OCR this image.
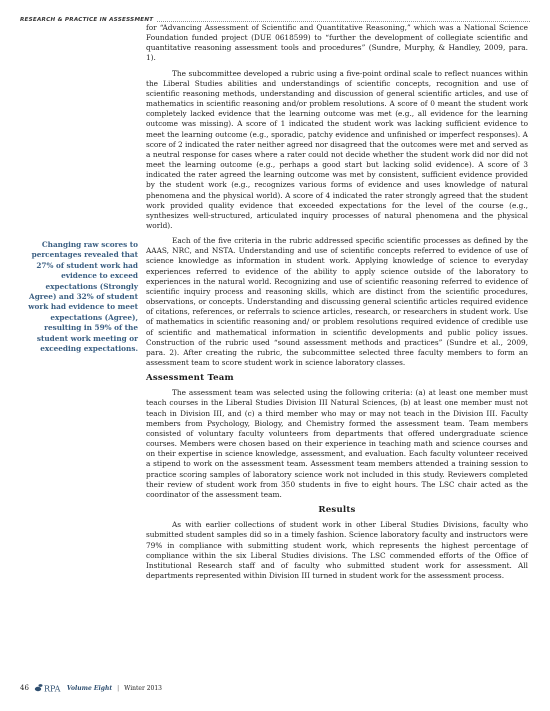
RESEARCH & PRACTICE IN ASSESSMENT
Changing raw scores to percentages revealed that 27% of student work had evidence to exceed expectations (Strongly Agree) and 32% of student work had evidence to meet expectations (Agree), resulting in 59% of the student work meeting or exceeding expectations.

for “Advancing Assessment of Scientific and Quantitative Reasoning,” which was a National Science Foundation funded project (DUE 0618599) to “further the development of collegiate scientific and quantitative reasoning assessment tools and procedures” (Sundre, Murphy, & Handley, 2009, para. 1).

The subcommittee developed a rubric using a five-point ordinal scale to reflect nuances within the Liberal Studies abilities and understandings of scientific concepts, recognition and use of scientific reasoning methods, understanding and discussion of general scientific articles, and use of mathematics in scientific reasoning and/or problem resolutions. A score of 0 meant the student work completely lacked evidence that the learning outcome was met (e.g., all evidence for the learning outcome was missing). A score of 1 indicated the student work was lacking sufficient evidence to meet the learning outcome (e.g., sporadic, patchy evidence and unfinished or imperfect responses). A score of 2 indicated the rater neither agreed nor disagreed that the outcomes were met and served as a neutral response for cases where a rater could not decide whether the student work did nor did not meet the learning outcome (e.g., perhaps a good start but lacking solid evidence). A score of 3 indicated the rater agreed the learning outcome was met by consistent, sufficient evidence provided by the student work (e.g., recognizes various forms of evidence and uses knowledge of natural phenomena and the physical world). A score of 4 indicated the rater strongly agreed that the student work provided quality evidence that exceeded expectations for the level of the course (e.g., synthesizes well-structured, articulated inquiry processes of natural phenomena and the physical world).

Each of the five criteria in the rubric addressed specific scientific processes as defined by the AAAS, NRC, and NSTA. Understanding and use of scientific concepts referred to evidence of use of science knowledge as information in student work. Applying knowledge of science to everyday experiences referred to evidence of the ability to apply science outside of the laboratory to experiences in the natural world. Recognizing and use of scientific reasoning referred to evidence of scientific inquiry process and reasoning skills, which are distinct from the scientific procedures, observations, or concepts. Understanding and discussing general scientific articles required evidence of citations, references, or referrals to science articles, research, or researchers in student work. Use of mathematics in scientific reasoning and/ or problem resolutions required evidence of credible use of scientific and mathematical information in scientific developments and public policy issues. Construction of the rubric used “sound assessment methods and practices” (Sundre et al., 2009, para. 2). After creating the rubric, the subcommittee selected three faculty members to form an assessment team to score student work in science laboratory classes.

Assessment Team

The assessment team was selected using the following criteria: (a) at least one member must teach courses in the Liberal Studies Division III Natural Sciences, (b) at least one member must not teach in Division III, and (c) a third member who may or may not teach in the Division III. Faculty members from Psychology, Biology, and Chemistry formed the assessment team. Team members consisted of voluntary faculty volunteers from departments that offered undergraduate science courses. Members were chosen based on their experience in teaching math and science courses and on their expertise in science knowledge, assessment, and evaluation. Each faculty volunteer received a stipend to work on the assessment team. Assessment team members attended a training session to practice scoring samples of laboratory science work not included in this study. Reviewers completed their review of student work from 350 students in five to eight hours. The LSC chair acted as the coordinator of the assessment team.

Results

As with earlier collections of student work in other Liberal Studies Divisions, faculty who submitted student samples did so in a timely fashion. Science laboratory faculty and instructors were 79% in compliance with submitting student work, which represents the highest percentage of compliance within the six Liberal Studies divisions. The LSC commended efforts of the Office of Institutional Research staff and of faculty who submitted student work for assessment. All departments represented within Division III turned in student work for the assessment process.

46 RPA Volume Eight | Winter 2013
